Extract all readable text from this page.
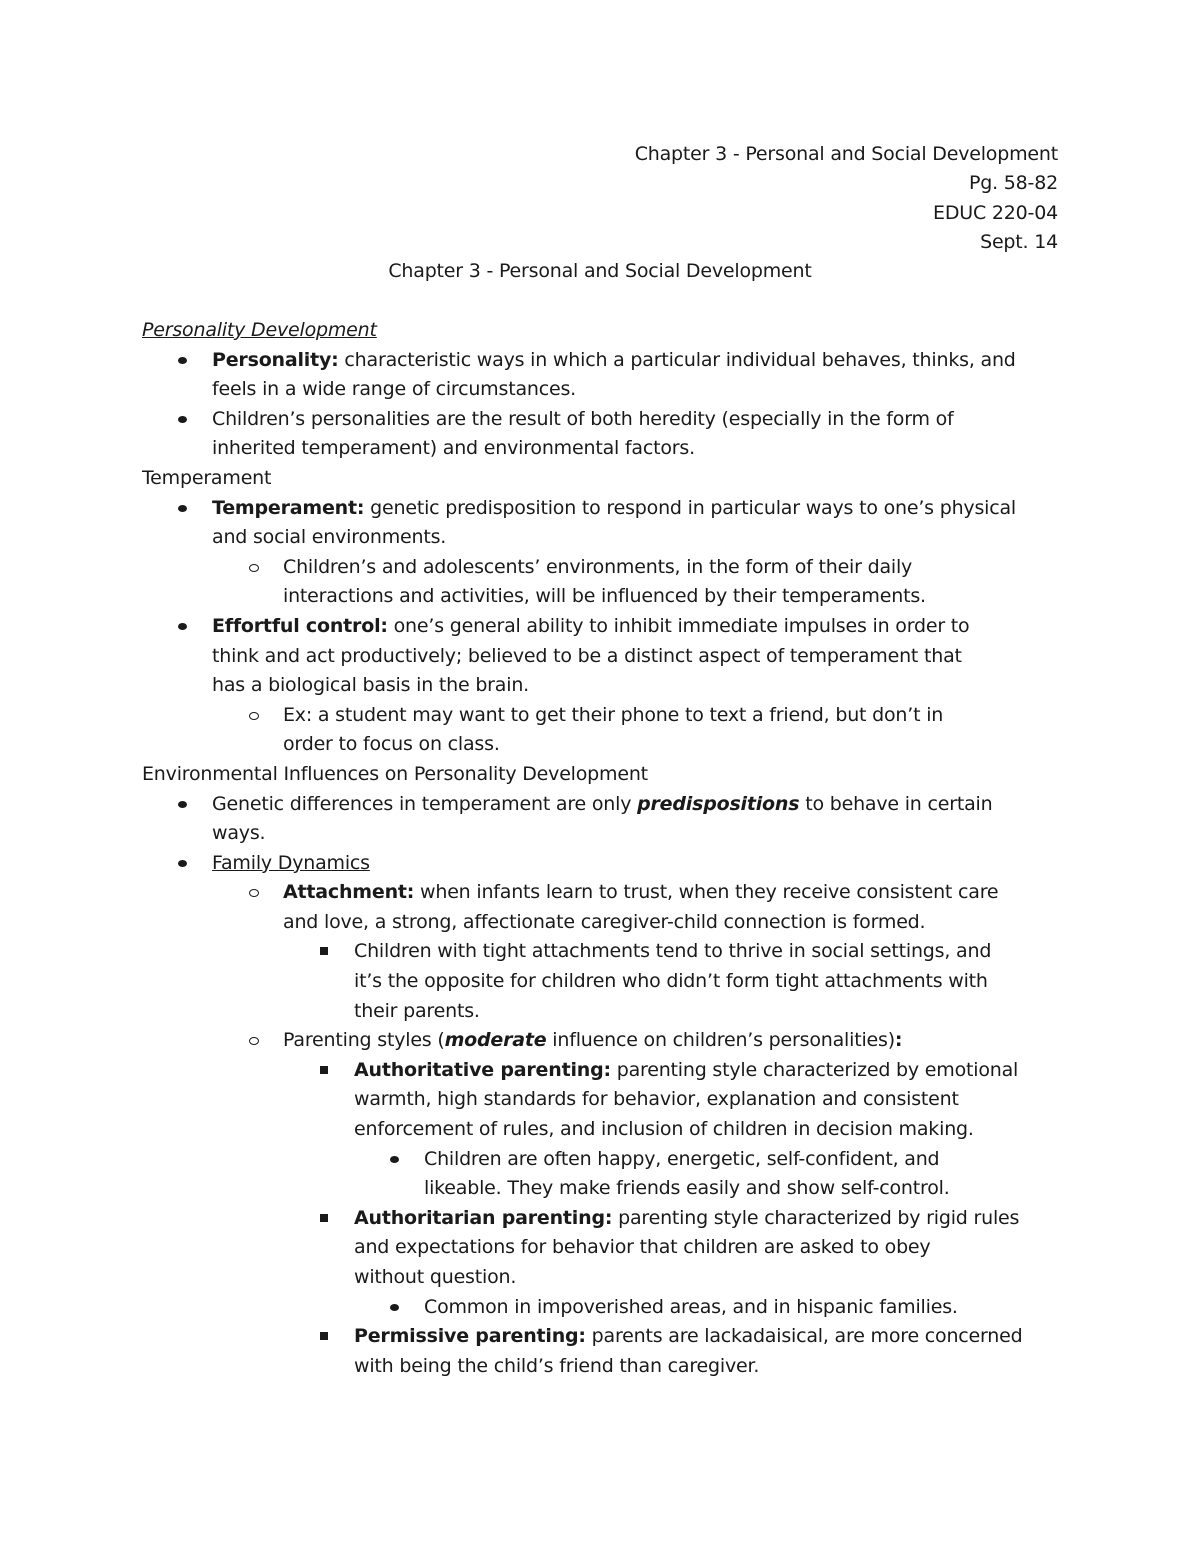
Chapter 3 - Personal and Social Development
Pg. 58-82
EDUC 220-04
Sept. 14
Chapter 3 - Personal and Social Development
Personality Development
Personality: characteristic ways in which a particular individual behaves, thinks, and
feels in a wide range of circumstances.
Children’s personalities are the result of both heredity (especially in the form of
inherited temperament) and environmental factors.
Temperament
Temperament: genetic predisposition to respond in particular ways to one’s physical
and social environments.
Children’s and adolescents’ environments, in the form of their daily
interactions and activities, will be influenced by their temperaments.
Effortful control: one’s general ability to inhibit immediate impulses in order to
think and act productively; believed to be a distinct aspect of temperament that
has a biological basis in the brain.
Ex: a student may want to get their phone to text a friend, but don’t in
order to focus on class.
Environmental Influences on Personality Development
Genetic differences in temperament are only predispositions to behave in certain
ways.
Family Dynamics
Attachment: when infants learn to trust, when they receive consistent care
and love, a strong, affectionate caregiver-child connection is formed.
Children with tight attachments tend to thrive in social settings, and
it’s the opposite for children who didn’t form tight attachments with
their parents.
Parenting styles (moderate influence on children’s personalities):
Authoritative parenting: parenting style characterized by emotional
warmth, high standards for behavior, explanation and consistent
enforcement of rules, and inclusion of children in decision making.
Children are often happy, energetic, self-confident, and
likeable. They make friends easily and show self-control.
Authoritarian parenting: parenting style characterized by rigid rules
and expectations for behavior that children are asked to obey
without question.
Common in impoverished areas, and in hispanic families.
Permissive parenting: parents are lackadaisical, are more concerned
with being the child’s friend than caregiver.
